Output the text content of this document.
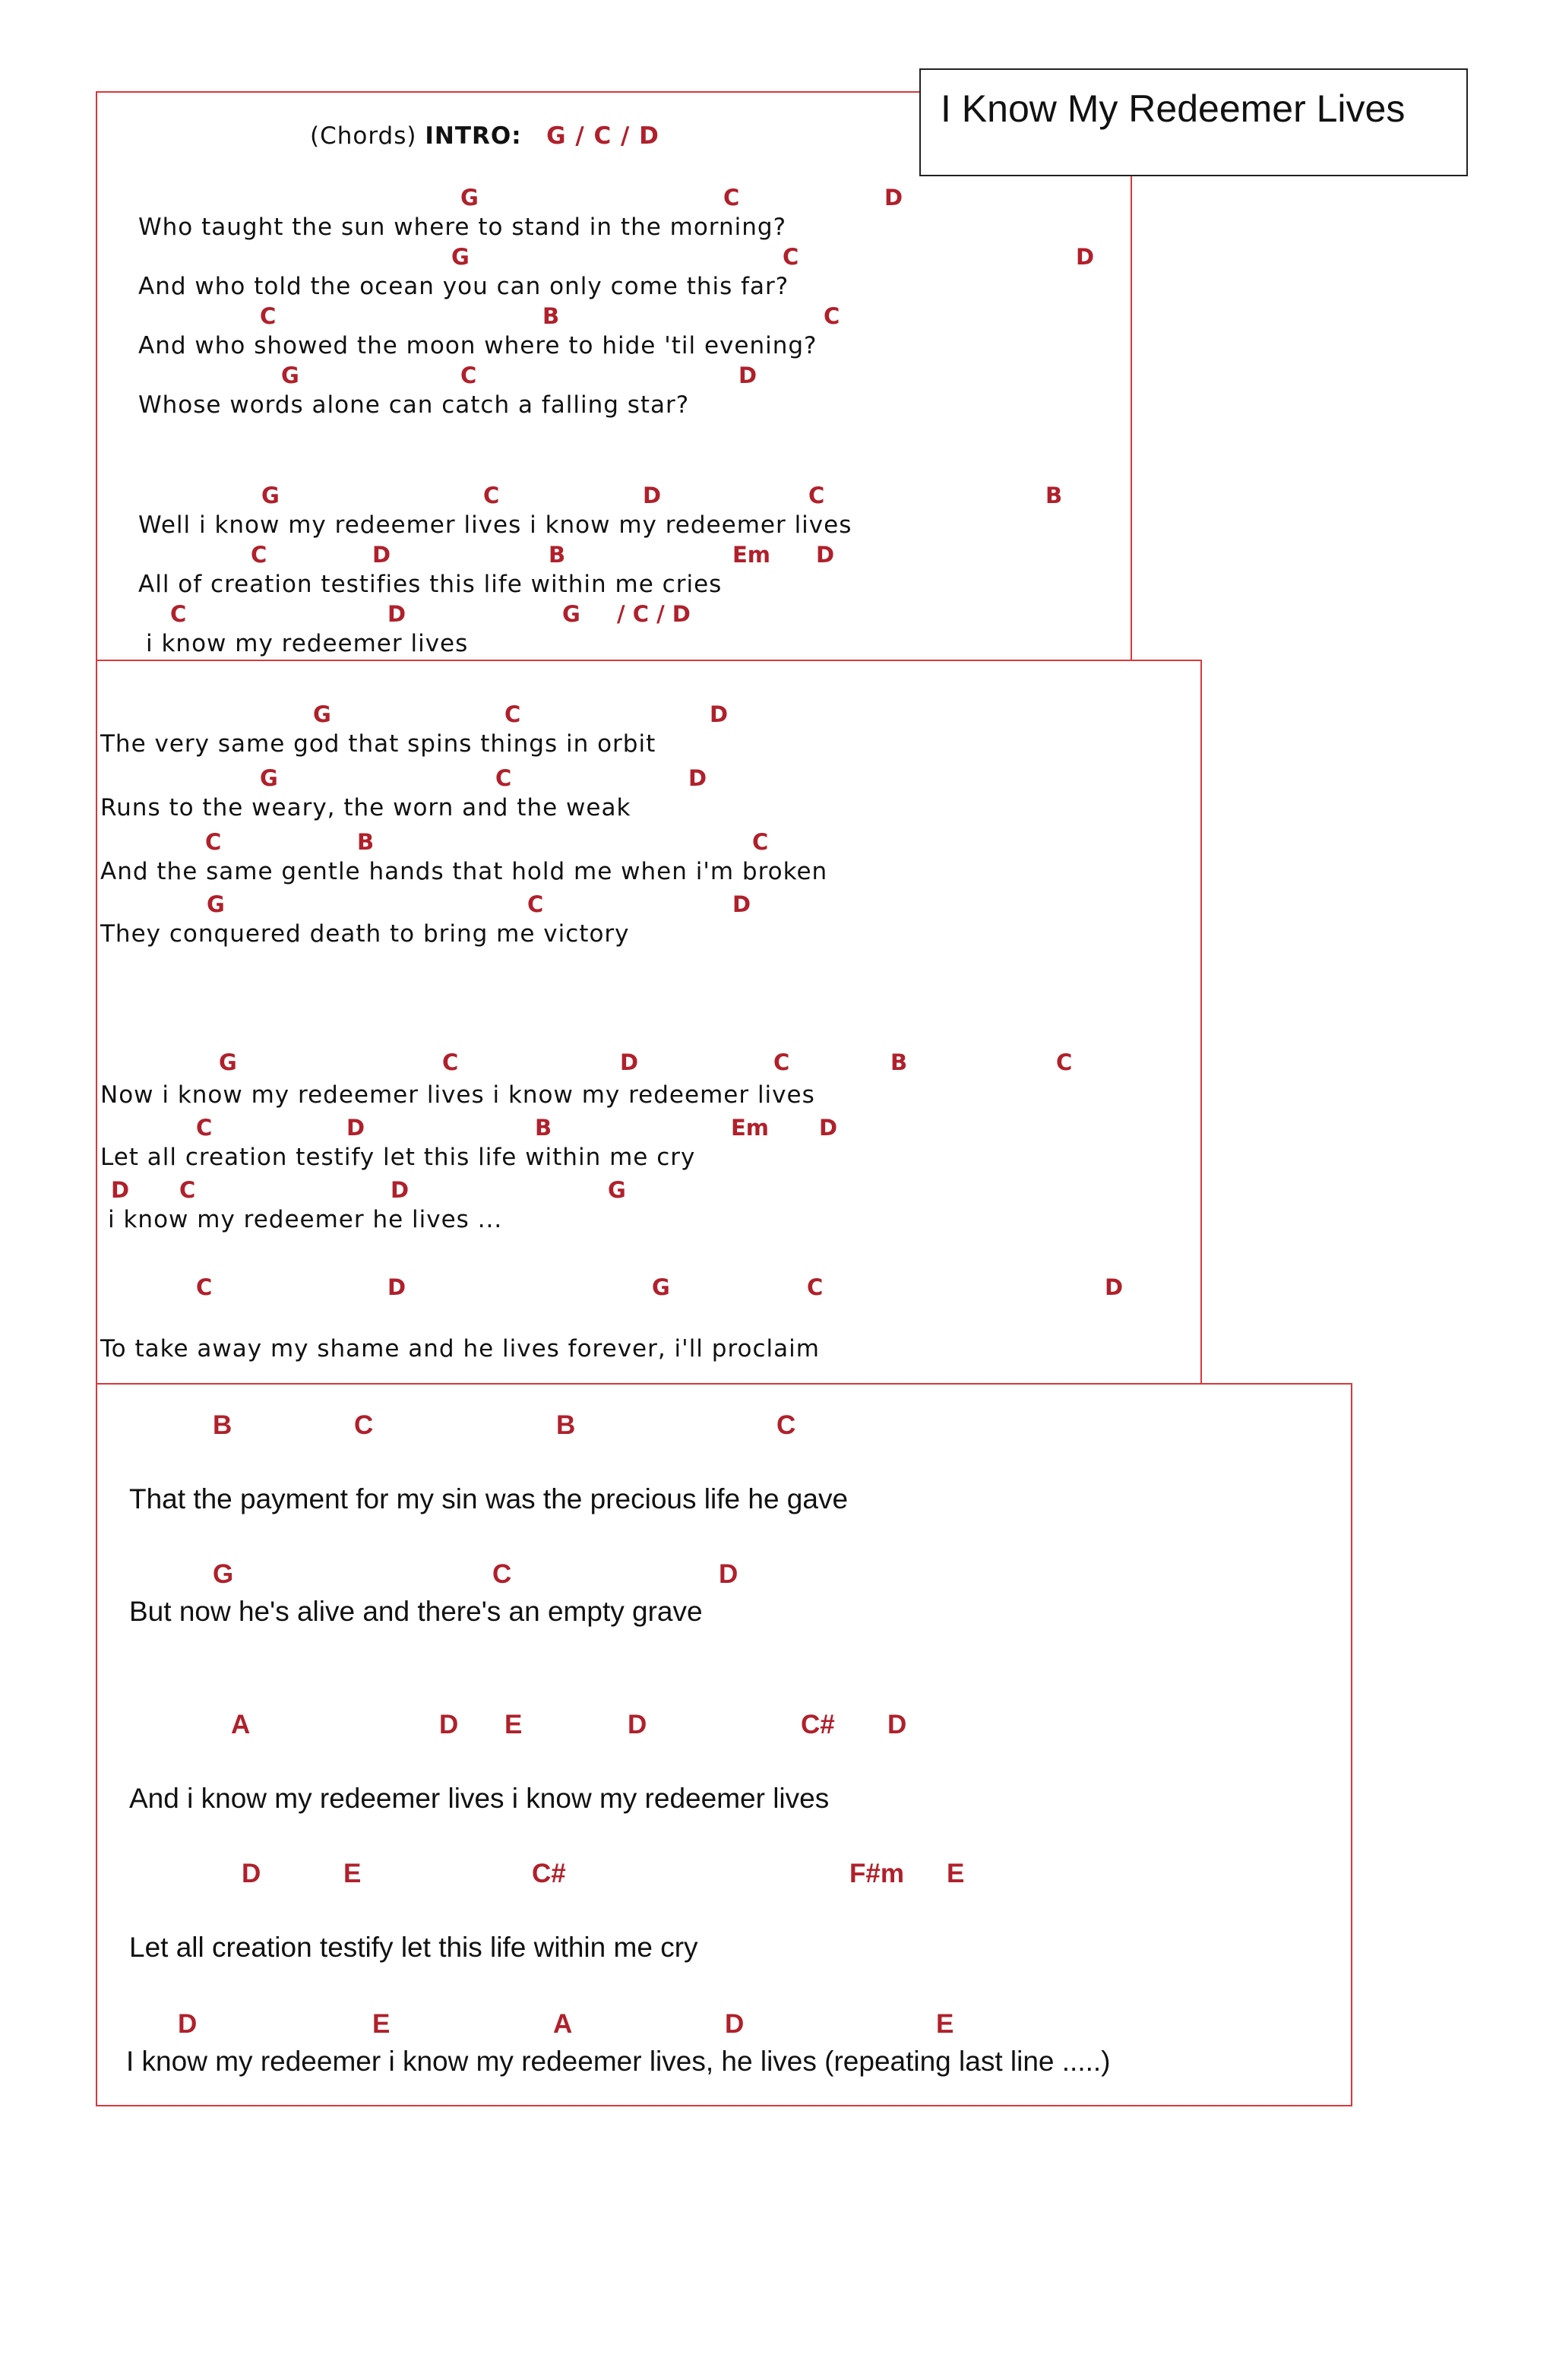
I Know My Redeemer Lives
(Chords) INTRO: G / C / D
G	C	D
Who taught the sun where to stand in the morning?
G	C	D
And who told the ocean you can only come this far?
C	B	C
And who showed the moon where to hide 'til evening?
G	C	D
Whose words alone can catch a falling star?
G	C	D	C	B
Well i know my redeemer lives i know my redeemer lives
C	D	B	Em D
All of creation testifies this life within me cries
C	D	G / C / D
i know my redeemer lives
G	C	D
The very same god that spins things in orbit
G	C	D
Runs to the weary, the worn and the weak
C	B	C
And the same gentle hands that hold me when i'm broken
G	C	D
They conquered death to bring me victory
G	C	D	C	B	C
Now i know my redeemer lives i know my redeemer lives
C	D	B	Em D
Let all creation testify let this life within me cry
D C	D	G
i know my redeemer he lives ...
C	D	G	C	D
To take away my shame and he lives forever, i'll proclaim
B	C	B	C
That the payment for my sin was the precious life he gave
G	C	D
But now he's alive and there's an empty grave
A	D E	D	C# D
And i know my redeemer lives i know my redeemer lives
D	E	C#	F#m E
Let all creation testify let this life within me cry
D	E	A	D	E
I know my redeemer i know my redeemer lives, he lives (repeating last line .....)
